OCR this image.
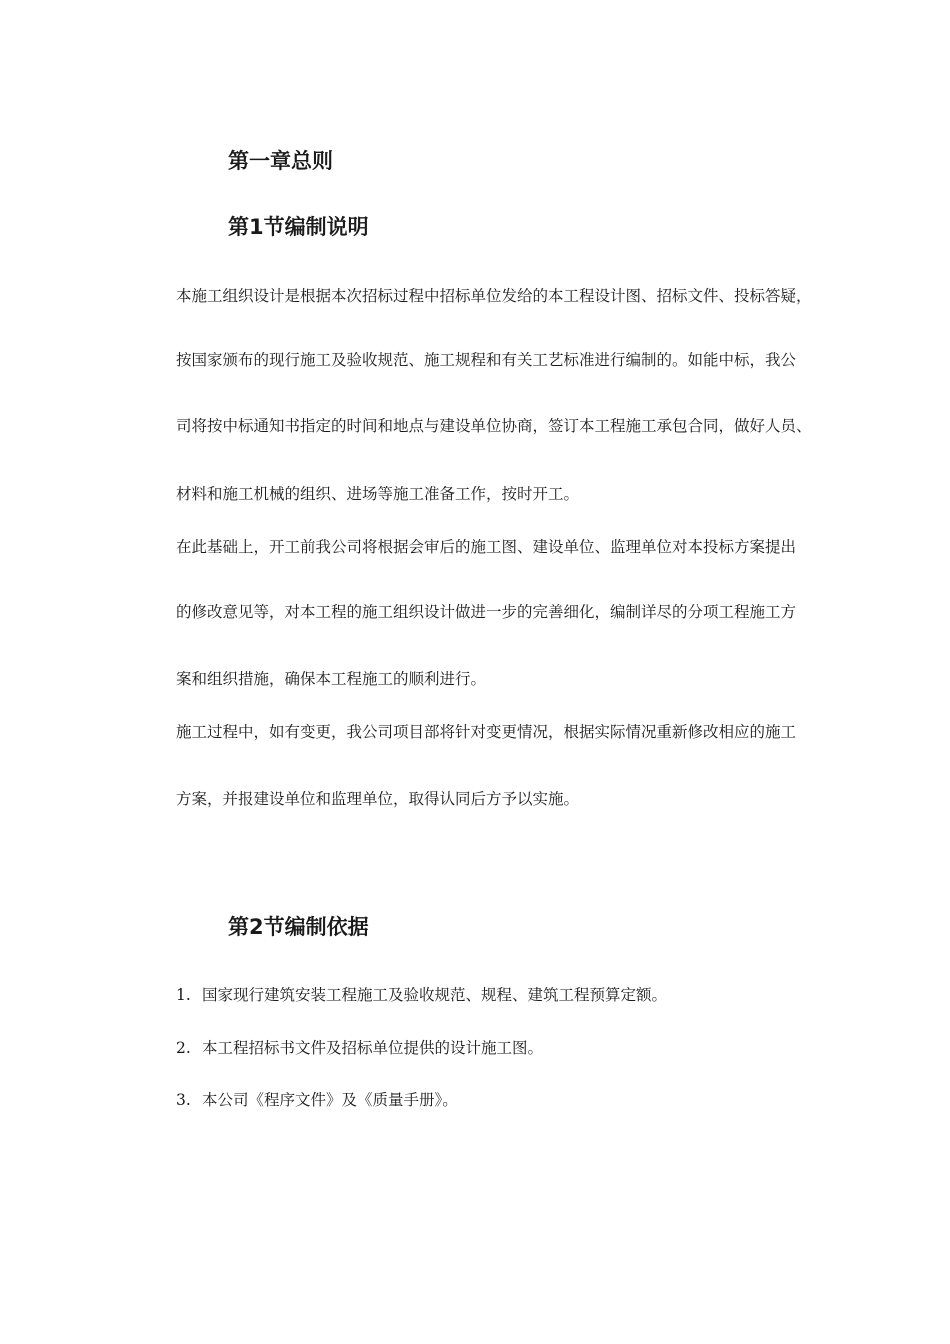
第一章总则
第1节编制说明

本施工组织设计是根据本次招标过程中招标单位发给的本工程设计图、招标文件、投标答疑，

按国家颁布的现行施工及验收规范、施工规程和有关工艺标准进行编制的。如能中标，我公

司将按中标通知书指定的时间和地点与建设单位协商，签订本工程施工承包合同，做好人员、

材料和施工机械的组织、进场等施工准备工作，按时开工。

在此基础上，开工前我公司将根据会审后的施工图、建设单位、监理单位对本投标方案提出

的修改意见等，对本工程的施工组织设计做进一步的完善细化，编制详尽的分项工程施工方

案和组织措施，确保本工程施工的顺利进行。

施工过程中，如有变更，我公司项目部将针对变更情况，根据实际情况重新修改相应的施工

方案，并报建设单位和监理单位，取得认同后方予以实施。

第2节编制依据

1. 国家现行建筑安装工程施工及验收规范、规程、建筑工程预算定额。

2. 本工程招标书文件及招标单位提供的设计施工图。

3. 本公司《程序文件》及《质量手册》。
